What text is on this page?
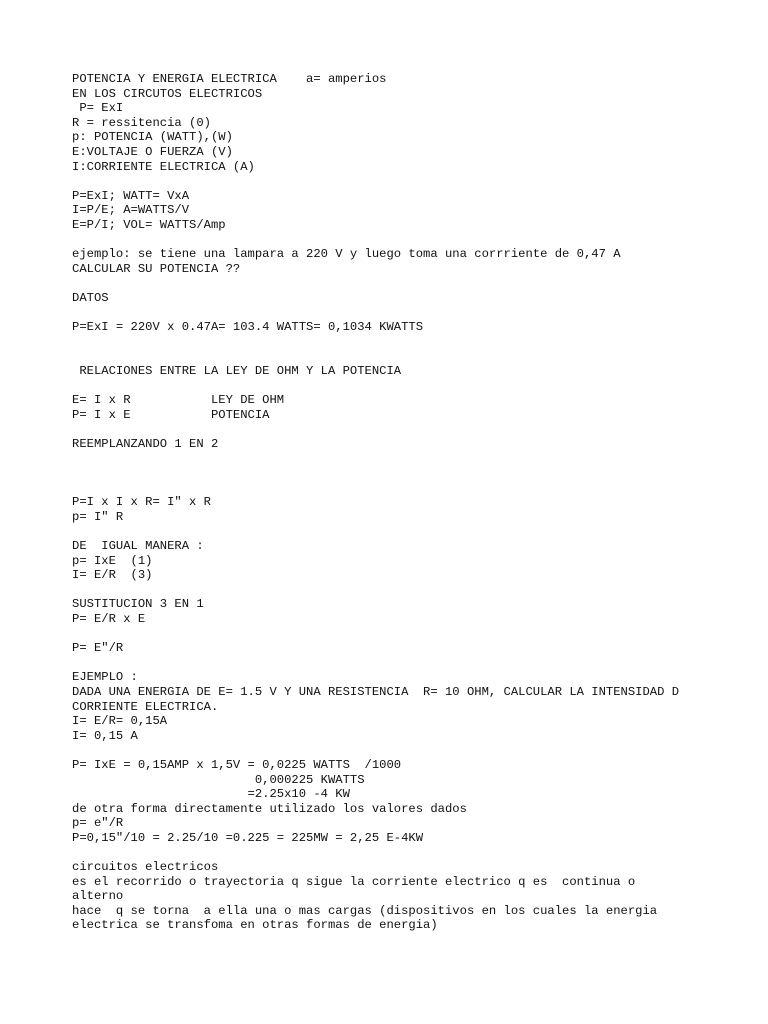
POTENCIA Y ENERGIA ELECTRICA    a= amperios
EN LOS CIRCUTOS ELECTRICOS
P= ExI
R = ressitencia (0)
p: POTENCIA (WATT),(W)
E:VOLTAJE O FUERZA (V)
I:CORRIENTE ELECTRICA (A)
P=ExI; WATT= VxA
I=P/E; A=WATTS/V
E=P/I; VOL= WATTS/Amp
ejemplo: se tiene una lampara a 220 V y luego toma una corrriente de 0,47 A
CALCULAR SU POTENCIA ??
DATOS
P=ExI = 220V x 0.47A= 103.4 WATTS= 0,1034 KWATTS
RELACIONES ENTRE LA LEY DE OHM Y LA POTENCIA
E= I x R           LEY DE OHM
P= I x E           POTENCIA
REEMPLANZANDO 1 EN 2
P=I x I x R= I" x R
p= I" R
DE  IGUAL MANERA :
p= IxE  (1)
I= E/R  (3)
SUSTITUCION 3 EN 1
P= E/R x E
P= E"/R
EJEMPLO :
DADA UNA ENERGIA DE E= 1.5 V Y UNA RESISTENCIA  R= 10 OHM, CALCULAR LA INTENSIDAD D
CORRIENTE ELECTRICA.
I= E/R= 0,15A
I= 0,15 A
P= IxE = 0,15AMP x 1,5V = 0,0225 WATTS  /1000
0,000225 KWATTS
=2.25x10 -4 KW
de otra forma directamente utilizado los valores dados
p= e"/R
P=0,15"/10 = 2.25/10 =0.225 = 225MW = 2,25 E-4KW
circuitos electricos
es el recorrido o trayectoria q sigue la corriente electrico q es  continua o
alterno
hace  q se torna  a ella una o mas cargas (dispositivos en los cuales la energia
electrica se transfoma en otras formas de energia)
